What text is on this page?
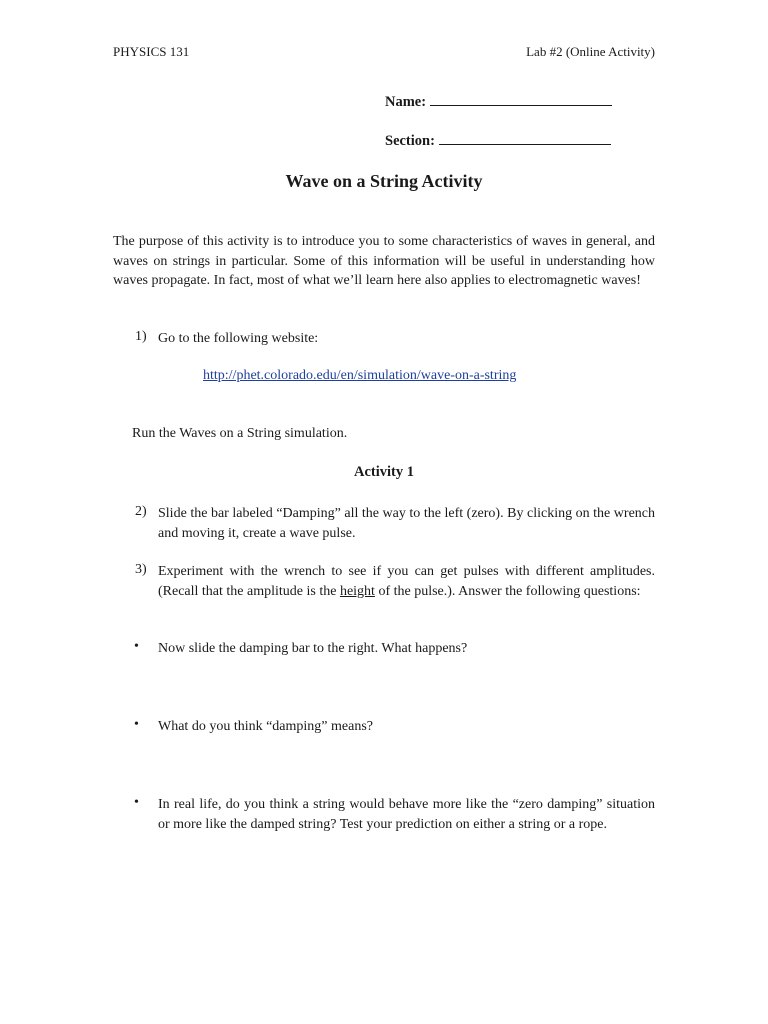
PHYSICS 131	Lab #2 (Online Activity)
Name:
Section:
Wave on a String Activity

The purpose of this activity is to introduce you to some characteristics of waves in general, and waves on strings in particular. Some of this information will be useful in understanding how waves propagate. In fact, most of what we’ll learn here also applies to electromagnetic waves!

1) Go to the following website:
http://phet.colorado.edu/en/simulation/wave-on-a-string
Run the Waves on a String simulation.
Activity 1
2) Slide the bar labeled “Damping” all the way to the left (zero). By clicking on the wrench and moving it, create a wave pulse.
3) Experiment with the wrench to see if you can get pulses with different amplitudes. (Recall that the amplitude is the height of the pulse.). Answer the following questions:
• Now slide the damping bar to the right. What happens?
• What do you think “damping” means?
• In real life, do you think a string would behave more like the “zero damping” situation or more like the damped string? Test your prediction on either a string or a rope.
